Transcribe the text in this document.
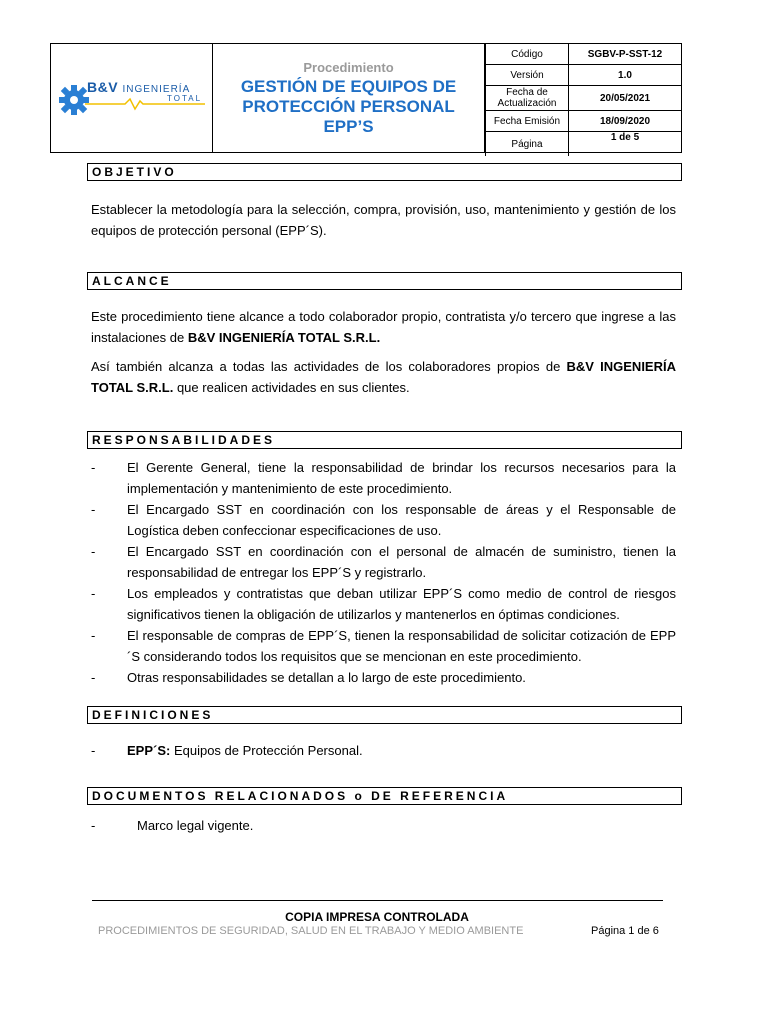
B&V INGENIERÍA
TOTAL
Procedimiento
GESTIÓN DE EQUIPOS DE
PROTECCIÓN PERSONAL
EPP’S
Código	SGBV-P-SST-12
Versión	1.0
Fecha de Actualización	20/05/2021
Fecha Emisión	18/09/2020
Página	1 de 5
OBJETIVO
Establecer la metodología para la selección, compra, provisión, uso, mantenimiento y gestión de los equipos de protección personal (EPP´S).
ALCANCE
Este procedimiento tiene alcance a todo colaborador propio, contratista y/o tercero que ingrese a las instalaciones de B&V INGENIERÍA TOTAL S.R.L.
Así también alcanza a todas las actividades de los colaboradores propios de B&V INGENIERÍA TOTAL S.R.L. que realicen actividades en sus clientes.
RESPONSABILIDADES
- El Gerente General, tiene la responsabilidad de brindar los recursos necesarios para la implementación y mantenimiento de este procedimiento.
- El Encargado SST en coordinación con los responsable de áreas y el Responsable de Logística deben confeccionar especificaciones de uso.
- El Encargado SST en coordinación con el personal de almacén de suministro, tienen la responsabilidad de entregar los EPP´S y registrarlo.
- Los empleados y contratistas que deban utilizar EPP´S como medio de control de riesgos significativos tienen la obligación de utilizarlos y mantenerlos en óptimas condiciones.
- El responsable de compras de EPP´S, tienen la responsabilidad de solicitar cotización de EPP´S considerando todos los requisitos que se mencionan en este procedimiento.
- Otras responsabilidades se detallan a lo largo de este procedimiento.
DEFINICIONES
- EPP´S: Equipos de Protección Personal.
DOCUMENTOS RELACIONADOS o DE REFERENCIA
-	Marco legal vigente.
COPIA IMPRESA CONTROLADA
PROCEDIMIENTOS DE SEGURIDAD, SALUD EN EL TRABAJO Y MEDIO AMBIENTE	Página 1 de 6
